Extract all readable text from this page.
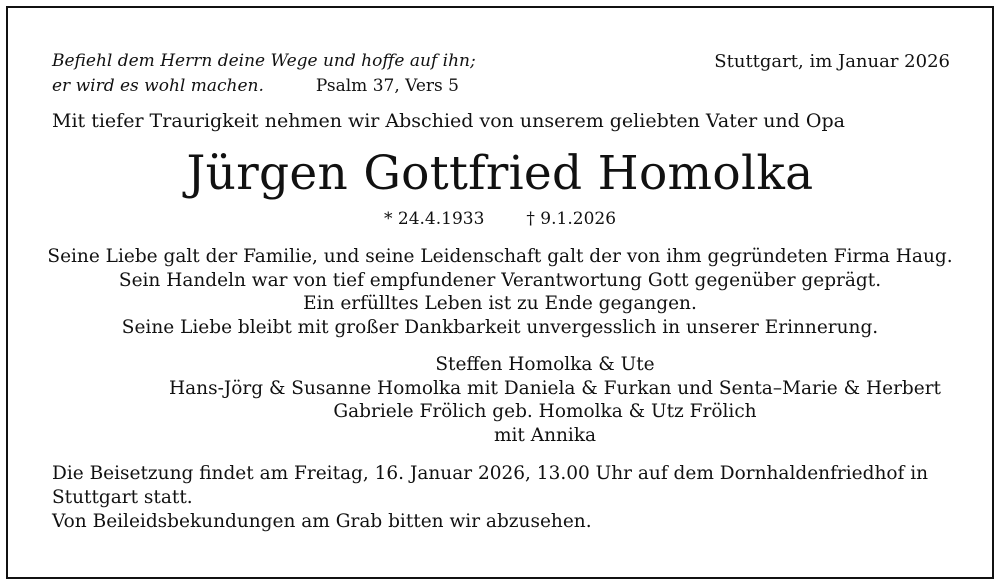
Befiehl dem Herrn deine Wege und hoffe auf ihn;
er wird es wohl machen.	Psalm 37, Vers 5
Stuttgart, im Januar 2026
Mit tiefer Traurigkeit nehmen wir Abschied von unserem geliebten Vater und Opa
Jürgen Gottfried Homolka
* 24.4.1933 † 9.1.2026
Seine Liebe galt der Familie, und seine Leidenschaft galt der von ihm gegründeten Firma Haug.
Sein Handeln war von tief empfundener Verantwortung Gott gegenüber geprägt.
Ein erfülltes Leben ist zu Ende gegangen.
Seine Liebe bleibt mit großer Dankbarkeit unvergesslich in unserer Erinnerung.
Steffen Homolka & Ute
Hans-Jörg & Susanne Homolka mit Daniela & Furkan und Senta–Marie & Herbert
Gabriele Frölich geb. Homolka & Utz Frölich
mit Annika
Die Beisetzung findet am Freitag, 16. Januar 2026, 13.00 Uhr auf dem Dornhaldenfriedhof in
Stuttgart statt.
Von Beileidsbekundungen am Grab bitten wir abzusehen.
